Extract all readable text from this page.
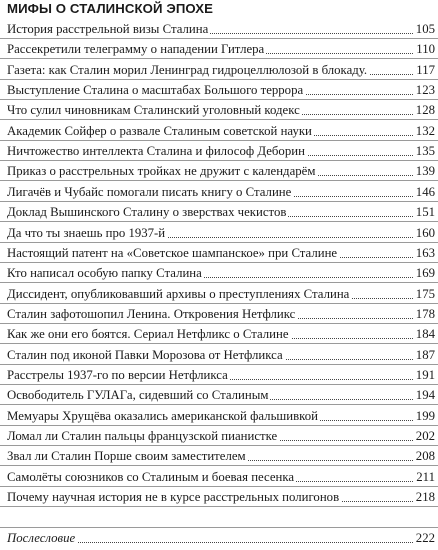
МИФЫ О СТАЛИНСКОЙ ЭПОХЕ
История расстрельной визы Сталина	105
Рассекретили телеграмму о нападении Гитлера	110
Газета: как Сталин морил Ленинград гидроцеллюлозой в блокаду.	117
Выступление Сталина о масштабах Большого террора	123
Что сулил чиновникам Сталинский уголовный кодекс	128
Академик Сойфер о развале Сталиным советской науки	132
Ничтожество интеллекта Сталина и философ Деборин	135
Приказ о расстрельных тройках не дружит с календарём	139
Лигачёв и Чубайс помогали писать книгу о Сталине	146
Доклад Вышинского Сталину о зверствах чекистов	151
Да что ты знаешь про 1937-й	160
Настоящий патент на «Советское шампанское» при Сталине	163
Кто написал особую папку Сталина	169
Диссидент, опубликовавший архивы о преступлениях Сталина	175
Сталин зафотошопил Ленина. Откровения Нетфликс	178
Как же они его боятся. Сериал Нетфликс о Сталине	184
Сталин под иконой Павки Морозова от Нетфликса	187
Расстрелы 1937-го по версии Нетфликса	191
Освободитель ГУЛАГа, сидевший со Сталиным	194
Мемуары Хрущёва оказались американской фальшивкой	199
Ломал ли Сталин пальцы французской пианистке	202
Звал ли Сталин Порше своим заместителем	208
Самолёты союзников со Сталиным и боевая песенка	211
Почему научная история не в курсе расстрельных полигонов	218
Послесловие	222
